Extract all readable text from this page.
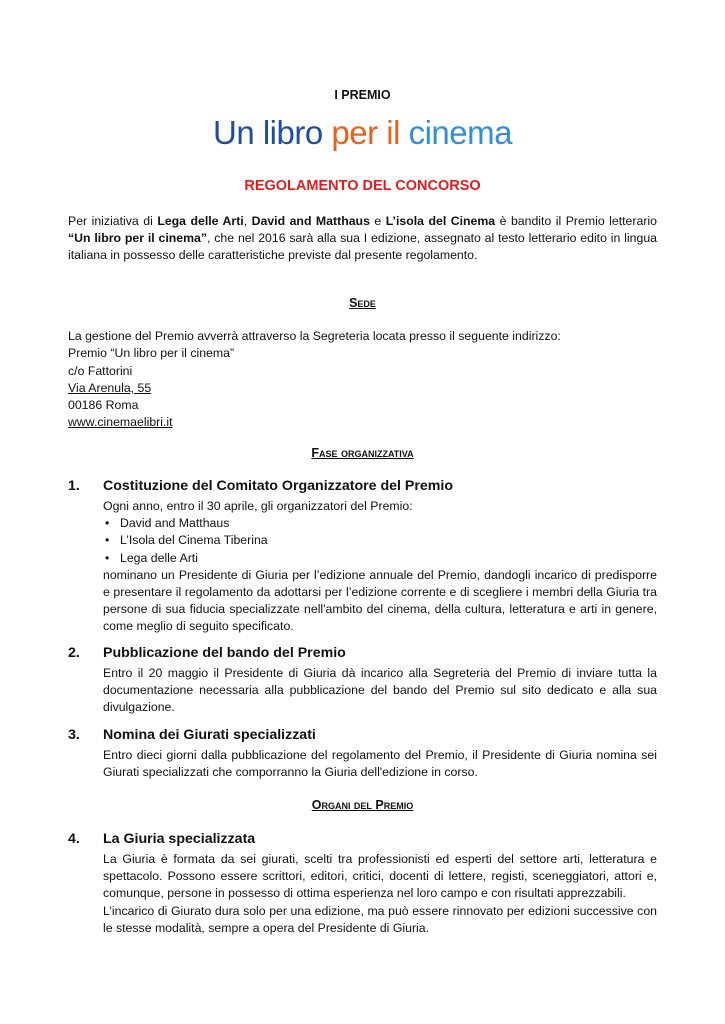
I PREMIO
Un libro per il cinema
REGOLAMENTO DEL CONCORSO
Per iniziativa di Lega delle Arti, David and Matthaus e L’isola del Cinema è bandito il Premio letterario “Un libro per il cinema”, che nel 2016 sarà alla sua I edizione, assegnato al testo letterario edito in lingua italiana in possesso delle caratteristiche previste dal presente regolamento.
Sede
La gestione del Premio avverrà attraverso la Segreteria locata presso il seguente indirizzo:
Premio “Un libro per il cinema”
c/o Fattorini
Via Arenula, 55
00186 Roma
www.cinemaelibri.it
Fase organizzativa
1. Costituzione del Comitato Organizzatore del Premio
Ogni anno, entro il 30 aprile, gli organizzatori del Premio:
• David and Matthaus
• L’Isola del Cinema Tiberina
• Lega delle Arti
nominano un Presidente di Giuria per l’edizione annuale del Premio, dandogli incarico di predisporre e presentare il regolamento da adottarsi per l’edizione corrente e di scegliere i membri della Giuria tra persone di sua fiducia specializzate nell'ambito del cinema, della cultura, letteratura e arti in genere, come meglio di seguito specificato.
2. Pubblicazione del bando del Premio
Entro il 20 maggio il Presidente di Giuria dà incarico alla Segreteria del Premio di inviare tutta la documentazione necessaria alla pubblicazione del bando del Premio sul sito dedicato e alla sua divulgazione.
3. Nomina dei Giurati specializzati
Entro dieci giorni dalla pubblicazione del regolamento del Premio, il Presidente di Giuria nomina sei Giurati specializzati che comporranno la Giuria dell'edizione in corso.
Organi del Premio
4. La Giuria specializzata
La Giuria è formata da sei giurati, scelti tra professionisti ed esperti del settore arti, letteratura e spettacolo. Possono essere scrittori, editori, critici, docenti di lettere, registi, sceneggiatori, attori e, comunque, persone in possesso di ottima esperienza nel loro campo e con risultati apprezzabili.
L’incarico di Giurato dura solo per una edizione, ma può essere rinnovato per edizioni successive con le stesse modalità, sempre a opera del Presidente di Giuria.
